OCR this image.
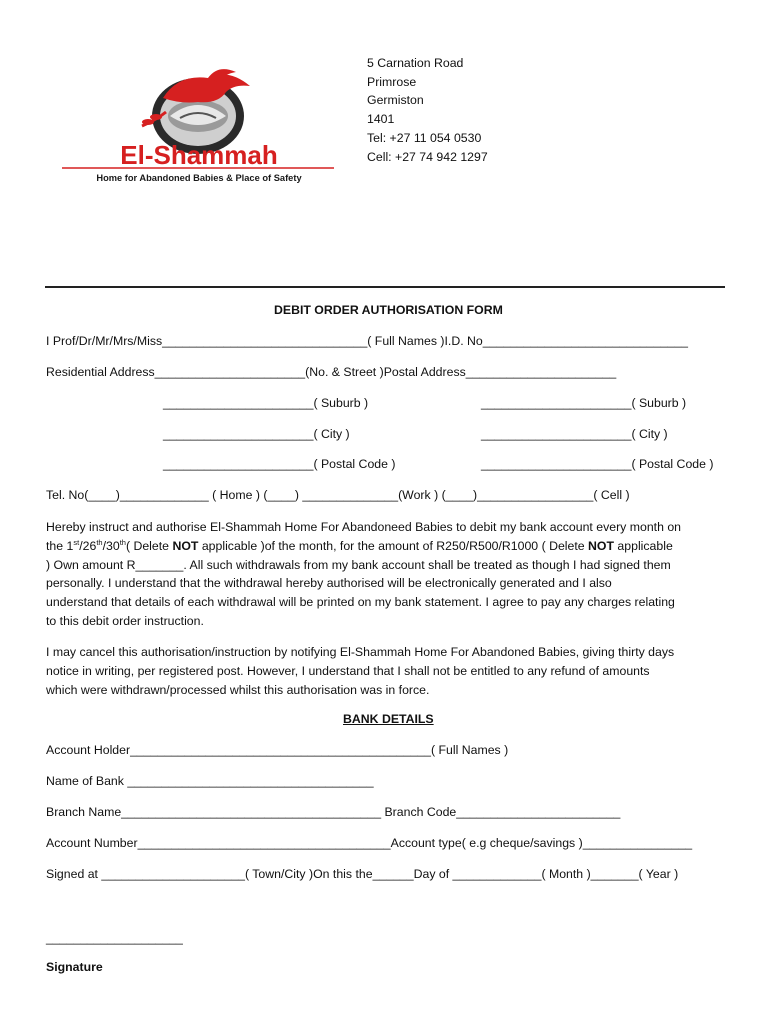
El-Shammah
Home for Abandoned Babies & Place of Safety
5 Carnation Road
Primrose
Germiston
1401
Tel: +27 11 054 0530
Cell: +27 74 942 1297
DEBIT ORDER AUTHORISATION FORM
I Prof/Dr/Mr/Mrs/Miss______________________________( Full Names )I.D. No______________________________
Residential Address______________________(No. & Street )Postal Address______________________
______________________( Suburb )	______________________( Suburb )
______________________( City )	______________________( City )
______________________( Postal Code )	______________________( Postal Code )
Tel. No(____)_____________ ( Home ) (____) ______________(Work ) (____)_________________( Cell )
Hereby instruct and authorise El-Shammah Home For Abandoneed Babies to debit my bank account every month on
the 1st/26th/30th( Delete NOT applicable )of the month, for the amount of R250/R500/R1000 ( Delete NOT applicable
) Own amount R_______. All such withdrawals from my bank account shall be treated as though I had signed them
personally. I understand that the withdrawal hereby authorised will be electronically generated and I also
understand that details of each withdrawal will be printed on my bank statement. I agree to pay any charges relating
to this debit order instruction.
I may cancel this authorisation/instruction by notifying El-Shammah Home For Abandoned Babies, giving thirty days
notice in writing, per registered post. However, I understand that I shall not be entitled to any refund of amounts
which were withdrawn/processed whilst this authorisation was in force.
BANK DETAILS
Account Holder____________________________________________( Full Names )
Name of Bank ____________________________________
Branch Name______________________________________ Branch Code________________________
Account Number_____________________________________Account type( e.g cheque/savings )________________
Signed at _____________________( Town/City )On this the______Day of _____________( Month )_______( Year )
____________________
Signature
